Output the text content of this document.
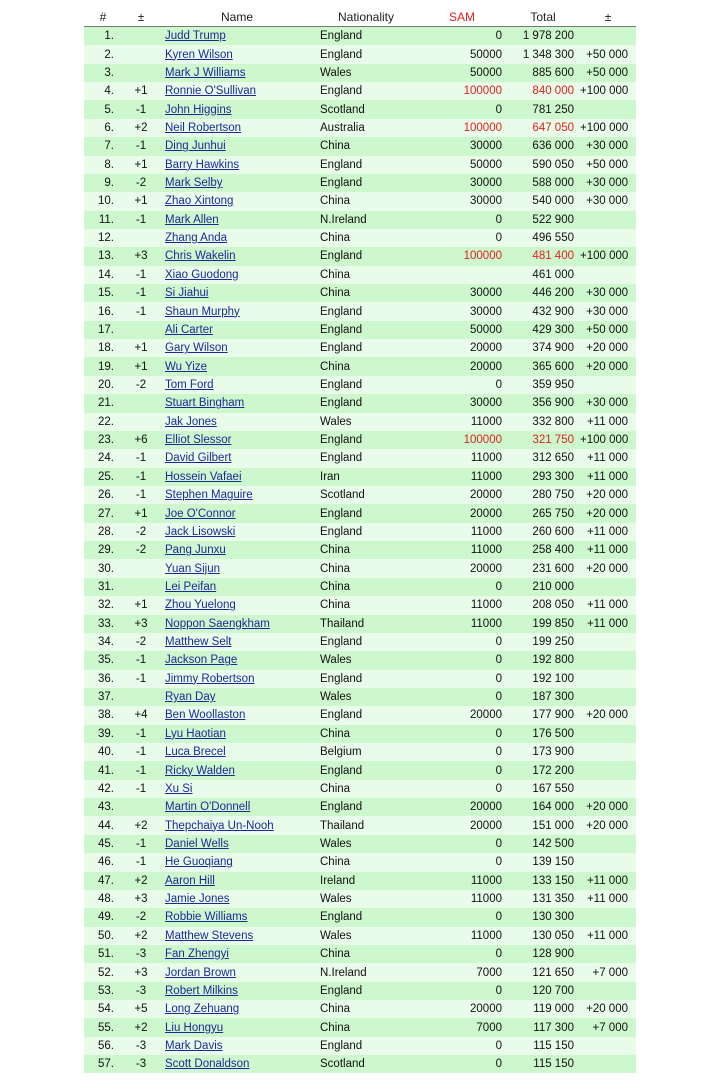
#	±	Name	Nationality	SAM	Total	±
1.		Judd Trump	England	0	1 978 200	
2.		Kyren Wilson	England	50000	1 348 300	+50 000
3.		Mark J Williams	Wales	50000	885 600	+50 000
4.	+1	Ronnie O'Sullivan	England	100000	840 000	+100 000
5.	-1	John Higgins	Scotland	0	781 250	
6.	+2	Neil Robertson	Australia	100000	647 050	+100 000
7.	-1	Ding Junhui	China	30000	636 000	+30 000
8.	+1	Barry Hawkins	England	50000	590 050	+50 000
9.	-2	Mark Selby	England	30000	588 000	+30 000
10.	+1	Zhao Xintong	China	30000	540 000	+30 000
11.	-1	Mark Allen	N.Ireland	0	522 900	
12.		Zhang Anda	China	0	496 550	
13.	+3	Chris Wakelin	England	100000	481 400	+100 000
14.	-1	Xiao Guodong	China		461 000	
15.	-1	Si Jiahui	China	30000	446 200	+30 000
16.	-1	Shaun Murphy	England	30000	432 900	+30 000
17.		Ali Carter	England	50000	429 300	+50 000
18.	+1	Gary Wilson	England	20000	374 900	+20 000
19.	+1	Wu Yize	China	20000	365 600	+20 000
20.	-2	Tom Ford	England	0	359 950	
21.		Stuart Bingham	England	30000	356 900	+30 000
22.		Jak Jones	Wales	11000	332 800	+11 000
23.	+6	Elliot Slessor	England	100000	321 750	+100 000
24.	-1	David Gilbert	England	11000	312 650	+11 000
25.	-1	Hossein Vafaei	Iran	11000	293 300	+11 000
26.	-1	Stephen Maguire	Scotland	20000	280 750	+20 000
27.	+1	Joe O'Connor	England	20000	265 750	+20 000
28.	-2	Jack Lisowski	England	11000	260 600	+11 000
29.	-2	Pang Junxu	China	11000	258 400	+11 000
30.		Yuan Sijun	China	20000	231 600	+20 000
31.		Lei Peifan	China	0	210 000	
32.	+1	Zhou Yuelong	China	11000	208 050	+11 000
33.	+3	Noppon Saengkham	Thailand	11000	199 850	+11 000
34.	-2	Matthew Selt	England	0	199 250	
35.	-1	Jackson Page	Wales	0	192 800	
36.	-1	Jimmy Robertson	England	0	192 100	
37.		Ryan Day	Wales	0	187 300	
38.	+4	Ben Woollaston	England	20000	177 900	+20 000
39.	-1	Lyu Haotian	China	0	176 500	
40.	-1	Luca Brecel	Belgium	0	173 900	
41.	-1	Ricky Walden	England	0	172 200	
42.	-1	Xu Si	China	0	167 550	
43.		Martin O'Donnell	England	20000	164 000	+20 000
44.	+2	Thepchaiya Un-Nooh	Thailand	20000	151 000	+20 000
45.	-1	Daniel Wells	Wales	0	142 500	
46.	-1	He Guoqiang	China	0	139 150	
47.	+2	Aaron Hill	Ireland	11000	133 150	+11 000
48.	+3	Jamie Jones	Wales	11000	131 350	+11 000
49.	-2	Robbie Williams	England	0	130 300	
50.	+2	Matthew Stevens	Wales	11000	130 050	+11 000
51.	-3	Fan Zhengyi	China	0	128 900	
52.	+3	Jordan Brown	N.Ireland	7000	121 650	+7 000
53.	-3	Robert Milkins	England	0	120 700	
54.	+5	Long Zehuang	China	20000	119 000	+20 000
55.	+2	Liu Hongyu	China	7000	117 300	+7 000
56.	-3	Mark Davis	England	0	115 150	
57.	-3	Scott Donaldson	Scotland	0	115 150	
